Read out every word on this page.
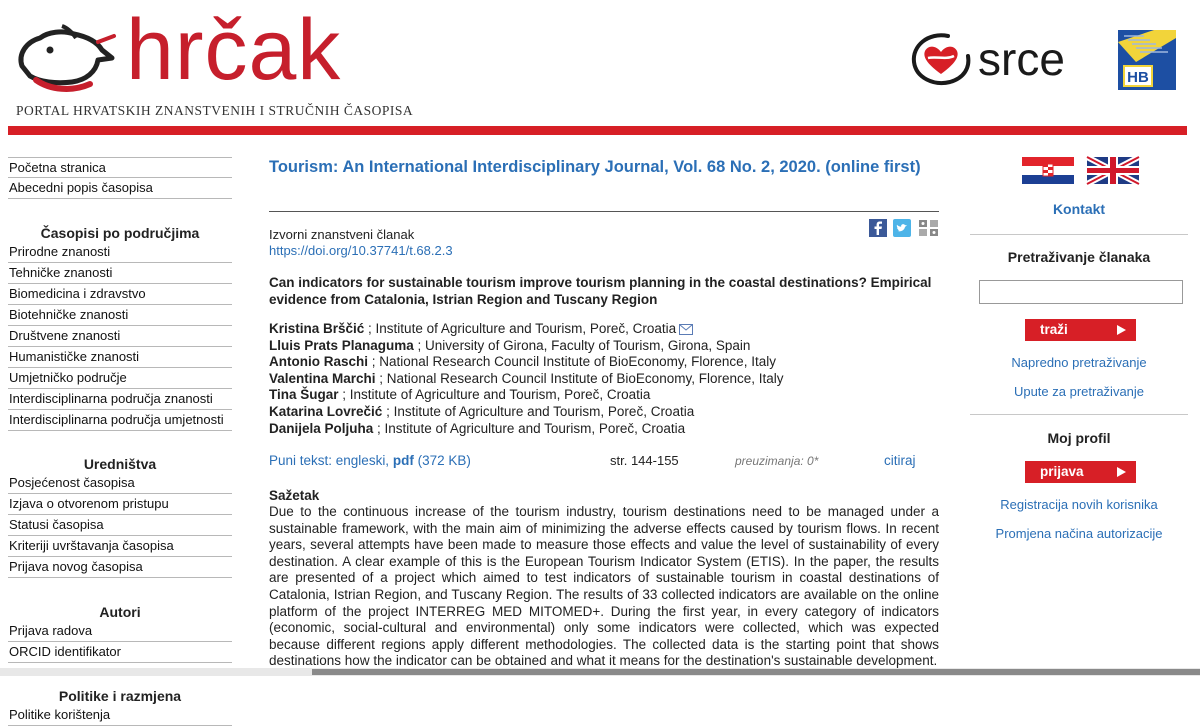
hrčak
PORTAL HRVATSKIH ZNANSTVENIH I STRUČNIH ČASOPISA
srce	HB
Početna stranica
Abecedni popis časopisa
Časopisi po područjima
Prirodne znanosti
Tehničke znanosti
Biomedicina i zdravstvo
Biotehničke znanosti
Društvene znanosti
Humanističke znanosti
Umjetničko područje
Interdisciplinarna područja znanosti
Interdisciplinarna područja umjetnosti
Uredništva
Posjećenost časopisa
Izjava o otvorenom pristupu
Statusi časopisa
Kriteriji uvrštavanja časopisa
Prijava novog časopisa
Autori
Prijava radova
ORCID identifikator
Politike i razmjena
Politike korištenja
Tourism: An International Interdisciplinary Journal, Vol. 68 No. 2, 2020. (online first)
Izvorni znanstveni članak
https://doi.org/10.37741/t.68.2.3
Can indicators for sustainable tourism improve tourism planning in the coastal destinations? Empirical evidence from Catalonia, Istrian Region and Tuscany Region
Kristina Brščić ; Institute of Agriculture and Tourism, Poreč, Croatia
Lluis Prats Planaguma ; University of Girona, Faculty of Tourism, Girona, Spain
Antonio Raschi ; National Research Council Institute of BioEconomy, Florence, Italy
Valentina Marchi ; National Research Council Institute of BioEconomy, Florence, Italy
Tina Šugar ; Institute of Agriculture and Tourism, Poreč, Croatia
Katarina Lovrečić ; Institute of Agriculture and Tourism, Poreč, Croatia
Danijela Poljuha ; Institute of Agriculture and Tourism, Poreč, Croatia
Puni tekst: engleski, pdf (372 KB)	str. 144-155	preuzimanja: 0*	citiraj
Sažetak
Due to the continuous increase of the tourism industry, tourism destinations need to be managed under a sustainable framework, with the main aim of minimizing the adverse effects caused by tourism flows. In recent years, several attempts have been made to measure those effects and value the level of sustainability of every destination. A clear example of this is the European Tourism Indicator System (ETIS). In the paper, the results are presented of a project which aimed to test indicators of sustainable tourism in coastal destinations of Catalonia, Istrian Region, and Tuscany Region. The results of 33 collected indicators are available on the online platform of the project INTERREG MED MITOMED+. During the first year, in every category of indicators (economic, social-cultural and environmental) only some indicators were collected, which was expected because different regions apply different methodologies. The collected data is the starting point that shows destinations how the indicator can be obtained and what it means for the destination's sustainable development.
Kontakt
Pretraživanje članaka
traži
Napredno pretraživanje
Upute za pretraživanje
Moj profil
prijava
Registracija novih korisnika
Promjena načina autorizacije
